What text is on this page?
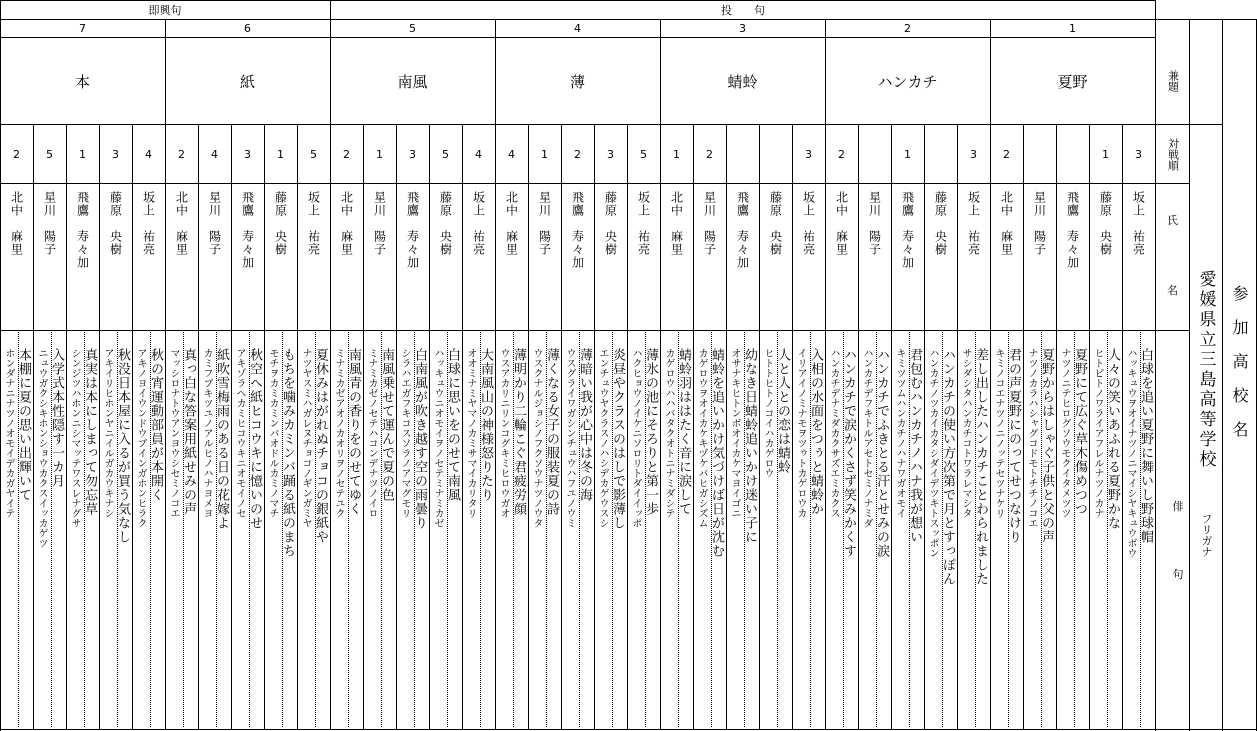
即興句	投　　句
7
本
2
北中　麻里
本棚に夏の思い出輝いて
ホンダナニナツノオモイデカガヤイテ
5
星川　陽子
入学式本性隠す一カ月
ニュウガクシキホンショウカクスイッカゲツ
1
飛鷹　寿々加
真実は本にしまって勿忘草
シンジツハホンニシマッテワスレナグサ
3
藤原　央樹
秋没日本屋に入るが買う気なし
アキイリヒホンヤニイルガカウキナシ
4
坂上　祐亮
秋の宵運動部員が本開く
アキノヨイウンドウブインガホンヒラク
6
紙
2
北中　麻里
真っ白な答案用紙せみの声
マッシロナトウアンヨウシセミノコエ
4
星川　陽子
紙吹雪梅雨のある日の花嫁よ
カミフブキツユノアルヒノハナヨメヨ
3
飛鷹　寿々加
秋空へ紙ヒコウキに憶いのせ
アキゾラヘカミヒコウキニオモイノセ
1
藤原　央樹
もちを噛みカミンバ踊る紙のまち
モチヲカミカミンバオドルカミノマチ
5
坂上　祐亮
夏休みはがれぬチョコの銀紙や
ナツヤスミハガレヌチョコノギンガミヤ
5
南風
2
北中　麻里
南風青の香りをのせてゆく
ミナミカゼアオノカオリヲノセテユク
1
星川　陽子
南風乗せて運んで夏の色
ミナミカゼノセテハコンデナツノイロ
3
飛鷹　寿々加
白南風が吹き越す空の雨曇り
シラハエガフキコスソラノアマグモリ
5
藤原　央樹
白球に思いをのせて南風
ハッキュウニオモイヲノセテミナミカゼ
4
坂上　祐亮
大南風山の神様怒りたり
オオミナミヤマノカミサマイカリタリ
4
薄
4
北中　麻里
薄明かり二輪こぐ君疲労顔
ウスアカリニリンコグキミヒロウガオ
1
星川　陽子
薄くなる女子の服装夏の詩
ウスクナルジョシノフクソウナツノウタ
2
飛鷹　寿々加
薄暗い我が心中は冬の海
ウスグライワガシンチュウハフユノウミ
3
藤原　央樹
炎昼やクラスのはしで影薄し
エンチュウヤクラスノハシデカゲウスシ
5
坂上　祐亮
薄氷の池にそろりと第一歩
ハクヒョウノイケニソロリトダイイッポ
3
蜻蛉
1
北中　麻里
蜻蛉羽ははたく音に涙して
カゲロウハハバタクオトニナミダシテ
2
星川　陽子
蜻蛉を追いかけ気づけば日が沈む
カゲロウヲオイカケキヅケバヒガシズム
飛鷹　寿々加
幼なき日蜻蛉追いかけ迷い子に
オサナキヒトンボオイカケマヨイゴニ
藤原　央樹
人と人との恋は蜻蛉
ヒトトヒトノコイハカゲロウ
3
坂上　祐亮
入相の水面をつぅと蜻蛉か
イリアイノミナモヲツゥトカゲロウカ
2
ハンカチ
2
北中　麻里
ハンカチで涙かくさず笑みかくす
ハンカチデナミダカクサズエミカクス
星川　陽子
ハンカチでふきとる汗とせみの涙
ハンカチデフキトルアセトセミノナミダ
1
飛鷹　寿々加
君包むハンカチノハナ我が想い
キミツツムハンカチノハナワガオモイ
藤原　央樹
ハンカチの使い方次第で月とすっぽん
ハンカチノツカイカタシダイデツキトスッポン
3
坂上　祐亮
差し出したハンカチことわられました
サシダシタハンカチコトワラレマシタ
1
夏野
2
北中　麻里
君の声夏野にのってせつなけり
キミノコエナツノニノッテセツナケリ
星川　陽子
夏野からはしゃぐ子供と父の声
ナツノカラハシャグコドモトチチノコエ
飛鷹　寿々加
夏野にて広ぐ草木傷めつつ
ナツノニテヒログソウモクイタメツツ
1
藤原　央樹
人々の笑いあふれる夏野かな
ヒトビトノワライアフレルナツノカナ
3
坂上　祐亮
白球を追い夏野に舞いし野球帽
ハッキュウヲオイナツノニマイシヤキュウボウ
兼題
対戦順
氏
名
俳
句
フリガナ
愛媛県立三島高等学校 参加高校名
